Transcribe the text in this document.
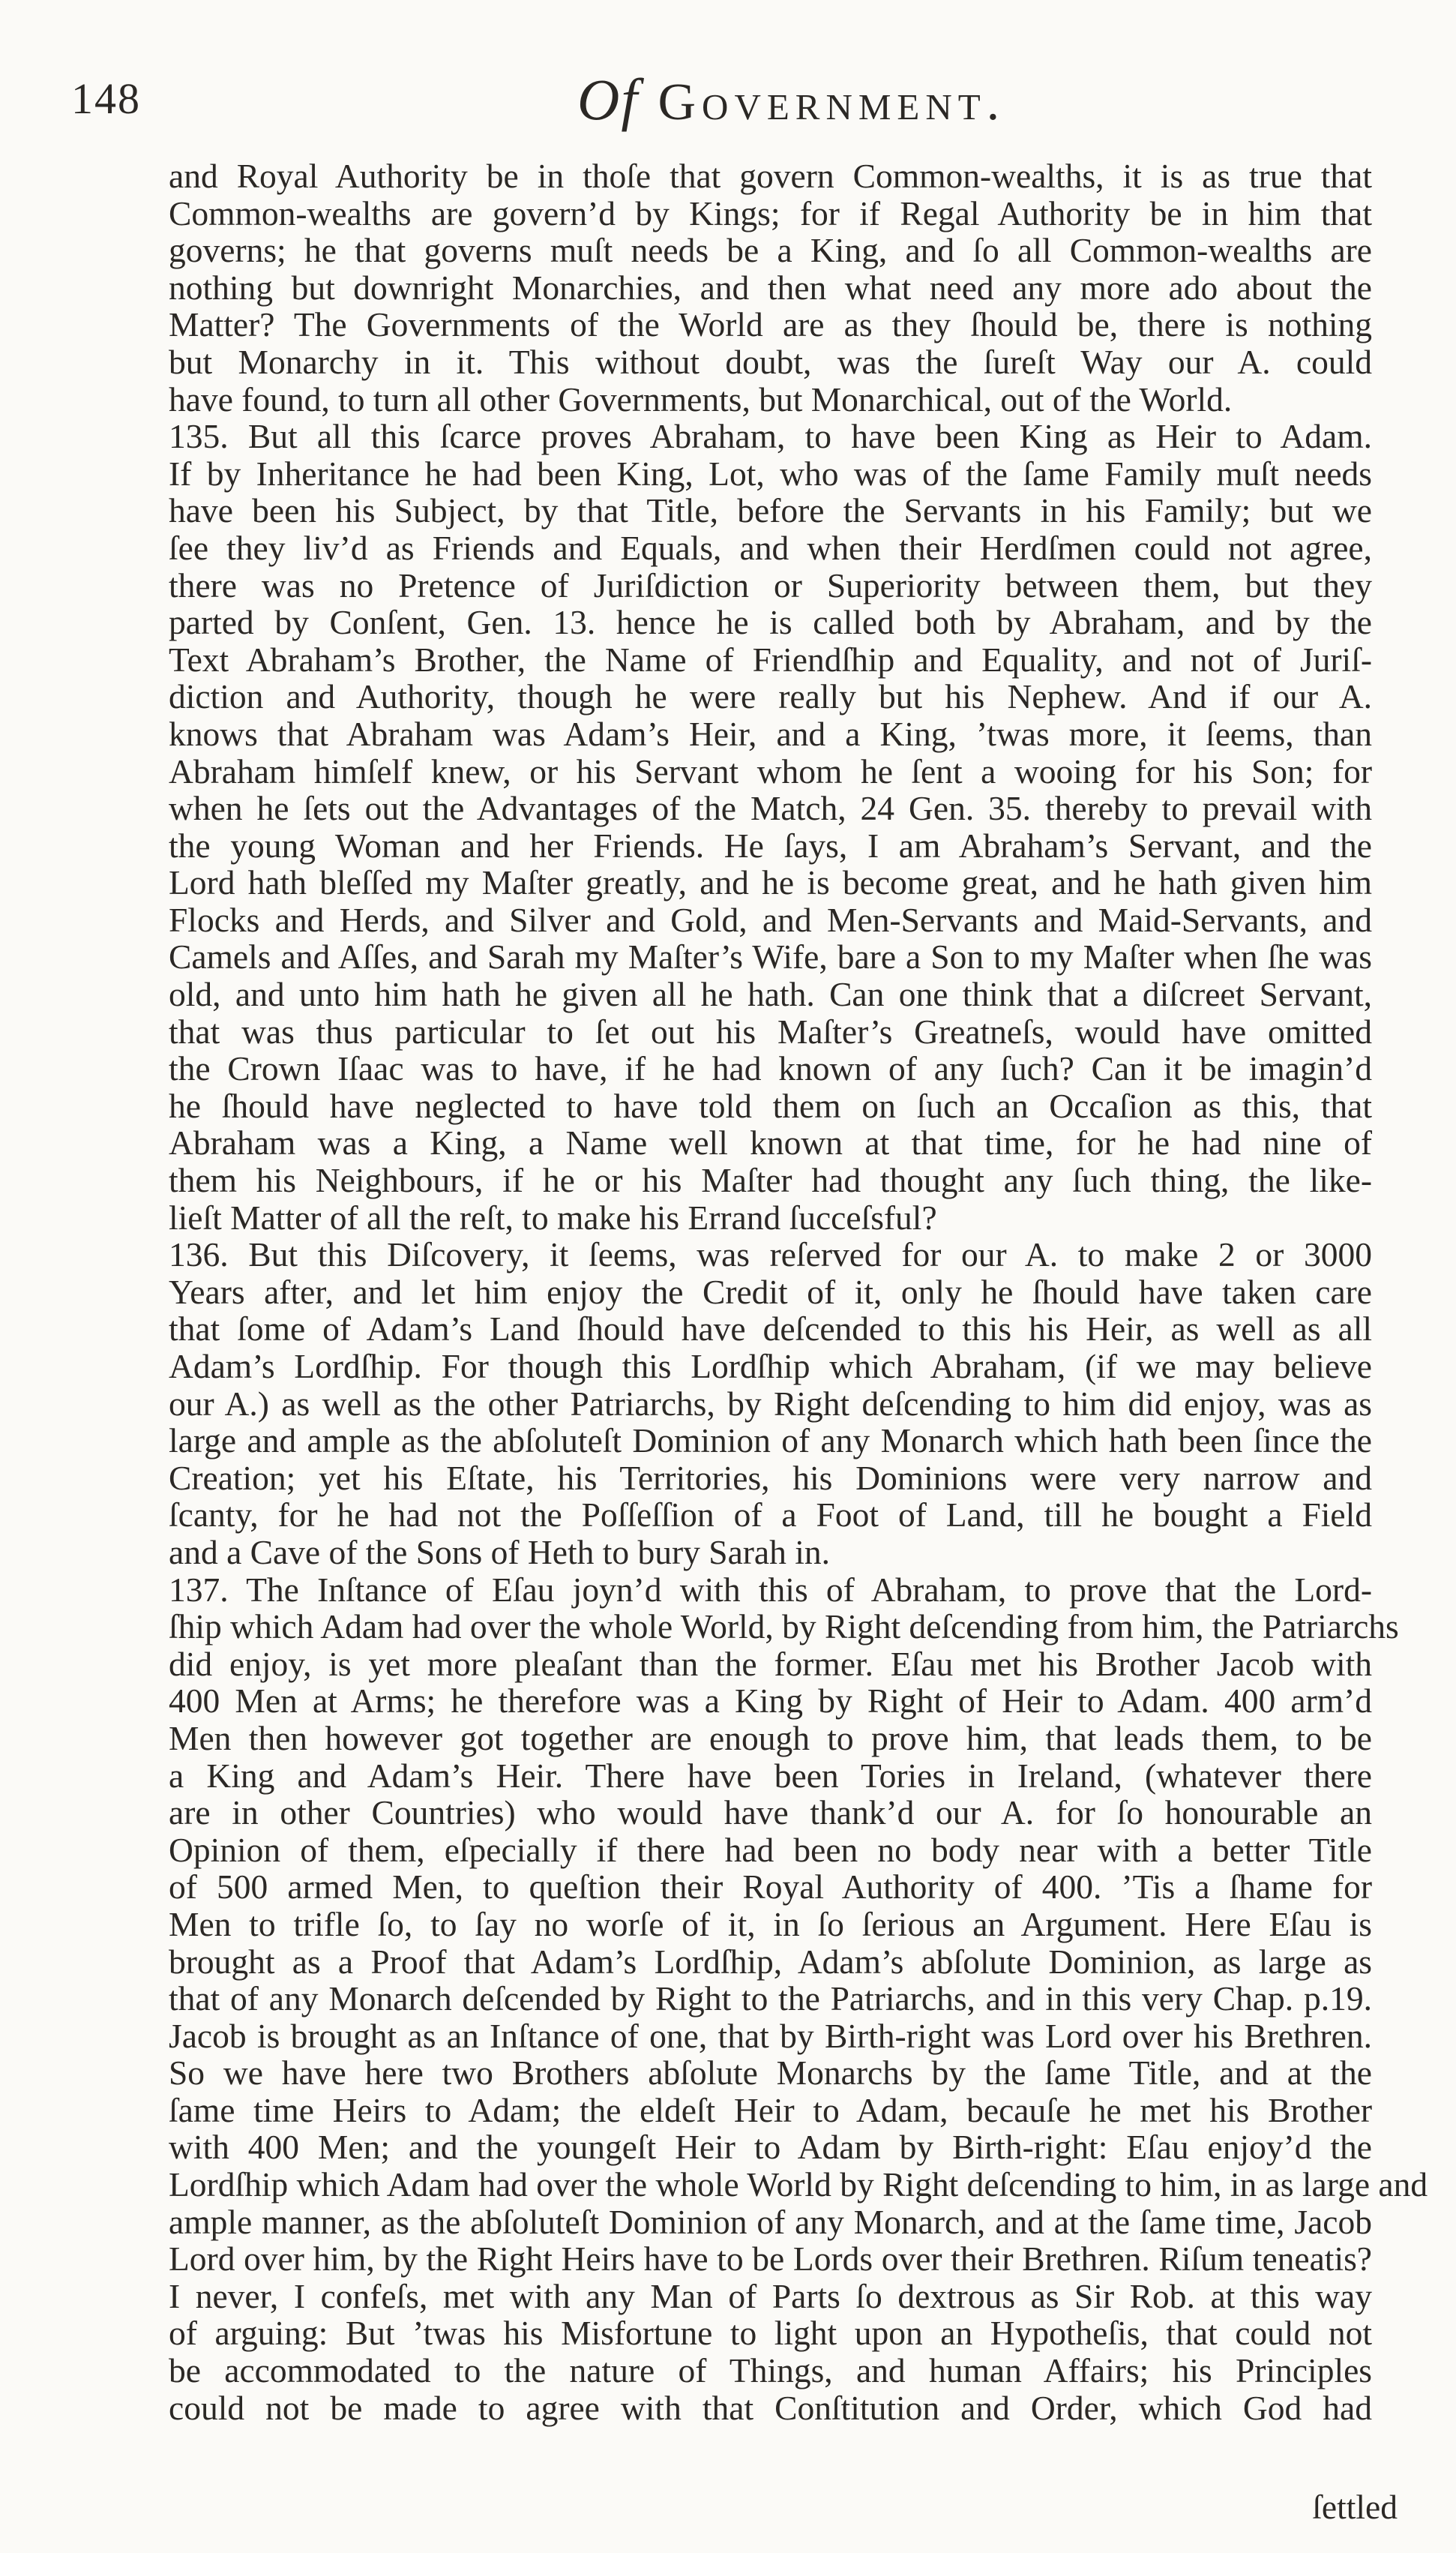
148	Of Government.
and Royal Authority be in thoſe that govern Common-wealths, it is as true that
Common-wealths are govern’d by Kings; for if Regal Authority be in him that
governs; he that governs muſt needs be a King, and ſo all Common-wealths are
nothing but downright Monarchies, and then what need any more ado about the
Matter? The Governments of the World are as they ſhould be, there is nothing
but Monarchy in it. This without doubt, was the ſureſt Way our A. could
have found, to turn all other Governments, but Monarchical, out of the World.
135. But all this ſcarce proves Abraham, to have been King as Heir to Adam.
If by Inheritance he had been King, Lot, who was of the ſame Family muſt needs
have been his Subject, by that Title, before the Servants in his Family; but we
ſee they liv’d as Friends and Equals, and when their Herdſmen could not agree,
there was no Pretence of Juriſdiction or Superiority between them, but they
parted by Conſent, Gen. 13. hence he is called both by Abraham, and by the
Text Abraham’s Brother, the Name of Friendſhip and Equality, and not of Juriſ-
diction and Authority, though he were really but his Nephew. And if our A.
knows that Abraham was Adam’s Heir, and a King, ’twas more, it ſeems, than
Abraham himſelf knew, or his Servant whom he ſent a wooing for his Son; for
when he ſets out the Advantages of the Match, 24 Gen. 35. thereby to prevail with
the young Woman and her Friends. He ſays, I am Abraham’s Servant, and the
Lord hath bleſſed my Maſter greatly, and he is become great, and he hath given him
Flocks and Herds, and Silver and Gold, and Men-Servants and Maid-Servants, and
Camels and Aſſes, and Sarah my Maſter’s Wife, bare a Son to my Maſter when ſhe was
old, and unto him hath he given all he hath. Can one think that a diſcreet Servant,
that was thus particular to ſet out his Maſter’s Greatneſs, would have omitted
the Crown Iſaac was to have, if he had known of any ſuch? Can it be imagin’d
he ſhould have neglected to have told them on ſuch an Occaſion as this, that
Abraham was a King, a Name well known at that time, for he had nine of
them his Neighbours, if he or his Maſter had thought any ſuch thing, the like-
lieſt Matter of all the reſt, to make his Errand ſucceſsful?
136. But this Diſcovery, it ſeems, was reſerved for our A. to make 2 or 3000
Years after, and let him enjoy the Credit of it, only he ſhould have taken care
that ſome of Adam’s Land ſhould have deſcended to this his Heir, as well as all
Adam’s Lordſhip. For though this Lordſhip which Abraham, (if we may believe
our A.) as well as the other Patriarchs, by Right deſcending to him did enjoy, was as
large and ample as the abſoluteſt Dominion of any Monarch which hath been ſince the
Creation; yet his Eſtate, his Territories, his Dominions were very narrow and
ſcanty, for he had not the Poſſeſſion of a Foot of Land, till he bought a Field
and a Cave of the Sons of Heth to bury Sarah in.
137. The Inſtance of Eſau joyn’d with this of Abraham, to prove that the Lord-
ſhip which Adam had over the whole World, by Right deſcending from him, the Patriarchs
did enjoy, is yet more pleaſant than the former. Eſau met his Brother Jacob with
400 Men at Arms; he therefore was a King by Right of Heir to Adam. 400 arm’d
Men then however got together are enough to prove him, that leads them, to be
a King and Adam’s Heir. There have been Tories in Ireland, (whatever there
are in other Countries) who would have thank’d our A. for ſo honourable an
Opinion of them, eſpecially if there had been no body near with a better Title
of 500 armed Men, to queſtion their Royal Authority of 400. ’Tis a ſhame for
Men to trifle ſo, to ſay no worſe of it, in ſo ſerious an Argument. Here Eſau is
brought as a Proof that Adam’s Lordſhip, Adam’s abſolute Dominion, as large as
that of any Monarch deſcended by Right to the Patriarchs, and in this very Chap. p.19.
Jacob is brought as an Inſtance of one, that by Birth-right was Lord over his Brethren.
So we have here two Brothers abſolute Monarchs by the ſame Title, and at the
ſame time Heirs to Adam; the eldeſt Heir to Adam, becauſe he met his Brother
with 400 Men; and the youngeſt Heir to Adam by Birth-right: Eſau enjoy’d the
Lordſhip which Adam had over the whole World by Right deſcending to him, in as large and
ample manner, as the abſoluteſt Dominion of any Monarch, and at the ſame time, Jacob
Lord over him, by the Right Heirs have to be Lords over their Brethren. Riſum teneatis?
I never, I confeſs, met with any Man of Parts ſo dextrous as Sir Rob. at this way
of arguing: But ’twas his Misfortune to light upon an Hypotheſis, that could not
be accommodated to the nature of Things, and human Affairs; his Principles
could not be made to agree with that Conſtitution and Order, which God had
ſettled
